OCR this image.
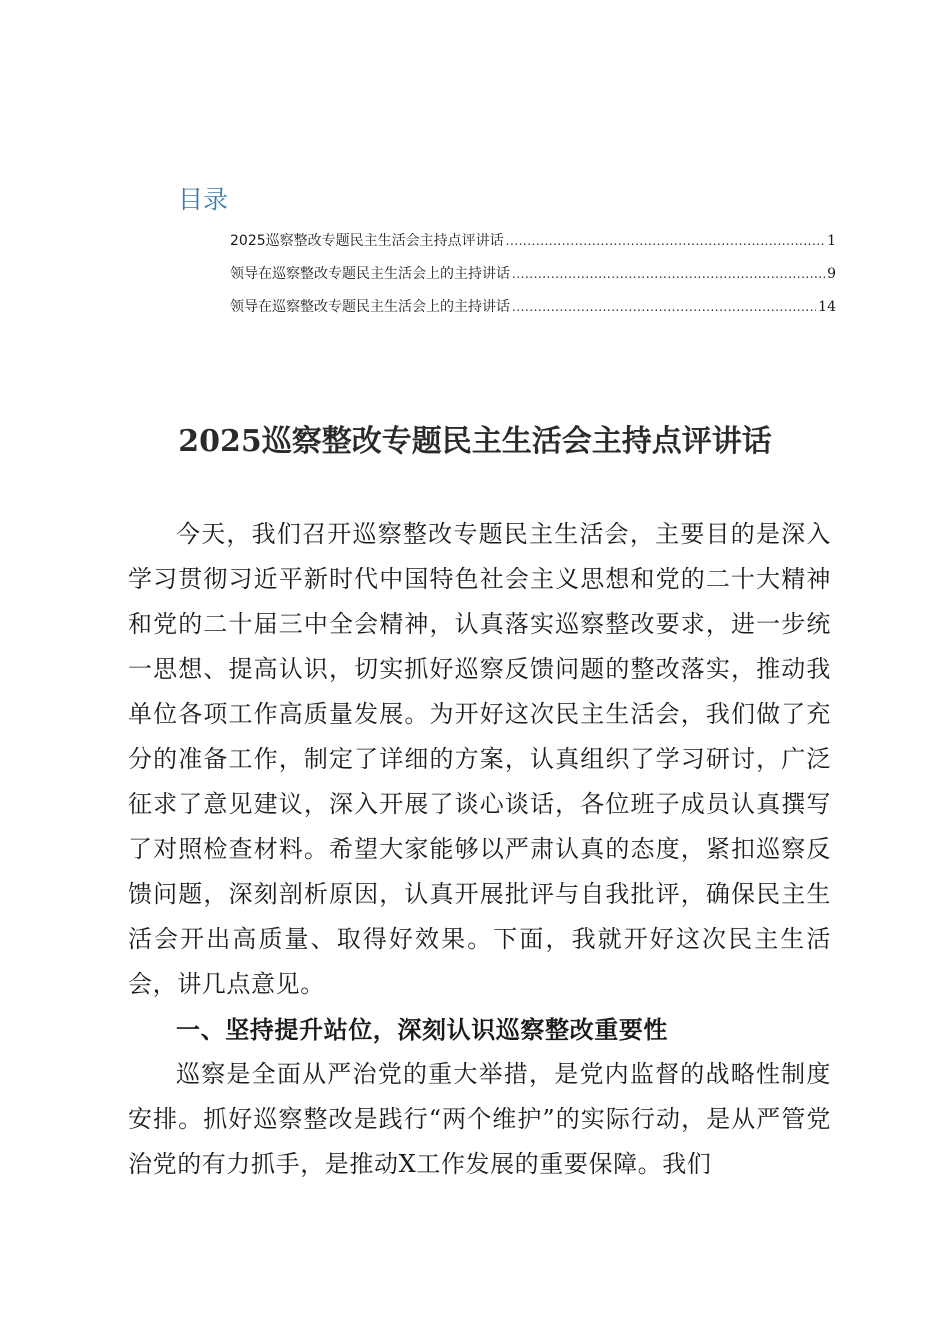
目录
2025巡察整改专题民主生活会主持点评讲话 .....	1
领导在巡察整改专题民主生活会上的主持讲话 .....	9
领导在巡察整改专题民主生活会上的主持讲话 .....	14
2025巡察整改专题民主生活会主持点评讲话

今天，我们召开巡察整改专题民主生活会，主要目的是深入学习贯彻习近平新时代中国特色社会主义思想和党的二十大精神和党的二十届三中全会精神，认真落实巡察整改要求，进一步统一思想、提高认识，切实抓好巡察反馈问题的整改落实，推动我单位各项工作高质量发展。为开好这次民主生活会，我们做了充分的准备工作，制定了详细的方案，认真组织了学习研讨，广泛征求了意见建议，深入开展了谈心谈话，各位班子成员认真撰写了对照检查材料。希望大家能够以严肃认真的态度，紧扣巡察反馈问题，深刻剖析原因，认真开展批评与自我批评，确保民主生活会开出高质量、取得好效果。下面，我就开好这次民主生活会，讲几点意见。

一、坚持提升站位，深刻认识巡察整改重要性

巡察是全面从严治党的重大举措，是党内监督的战略性制度安排。抓好巡察整改是践行“两个维护”的实际行动，是从严管党治党的有力抓手，是推动X工作发展的重要保障。我们
